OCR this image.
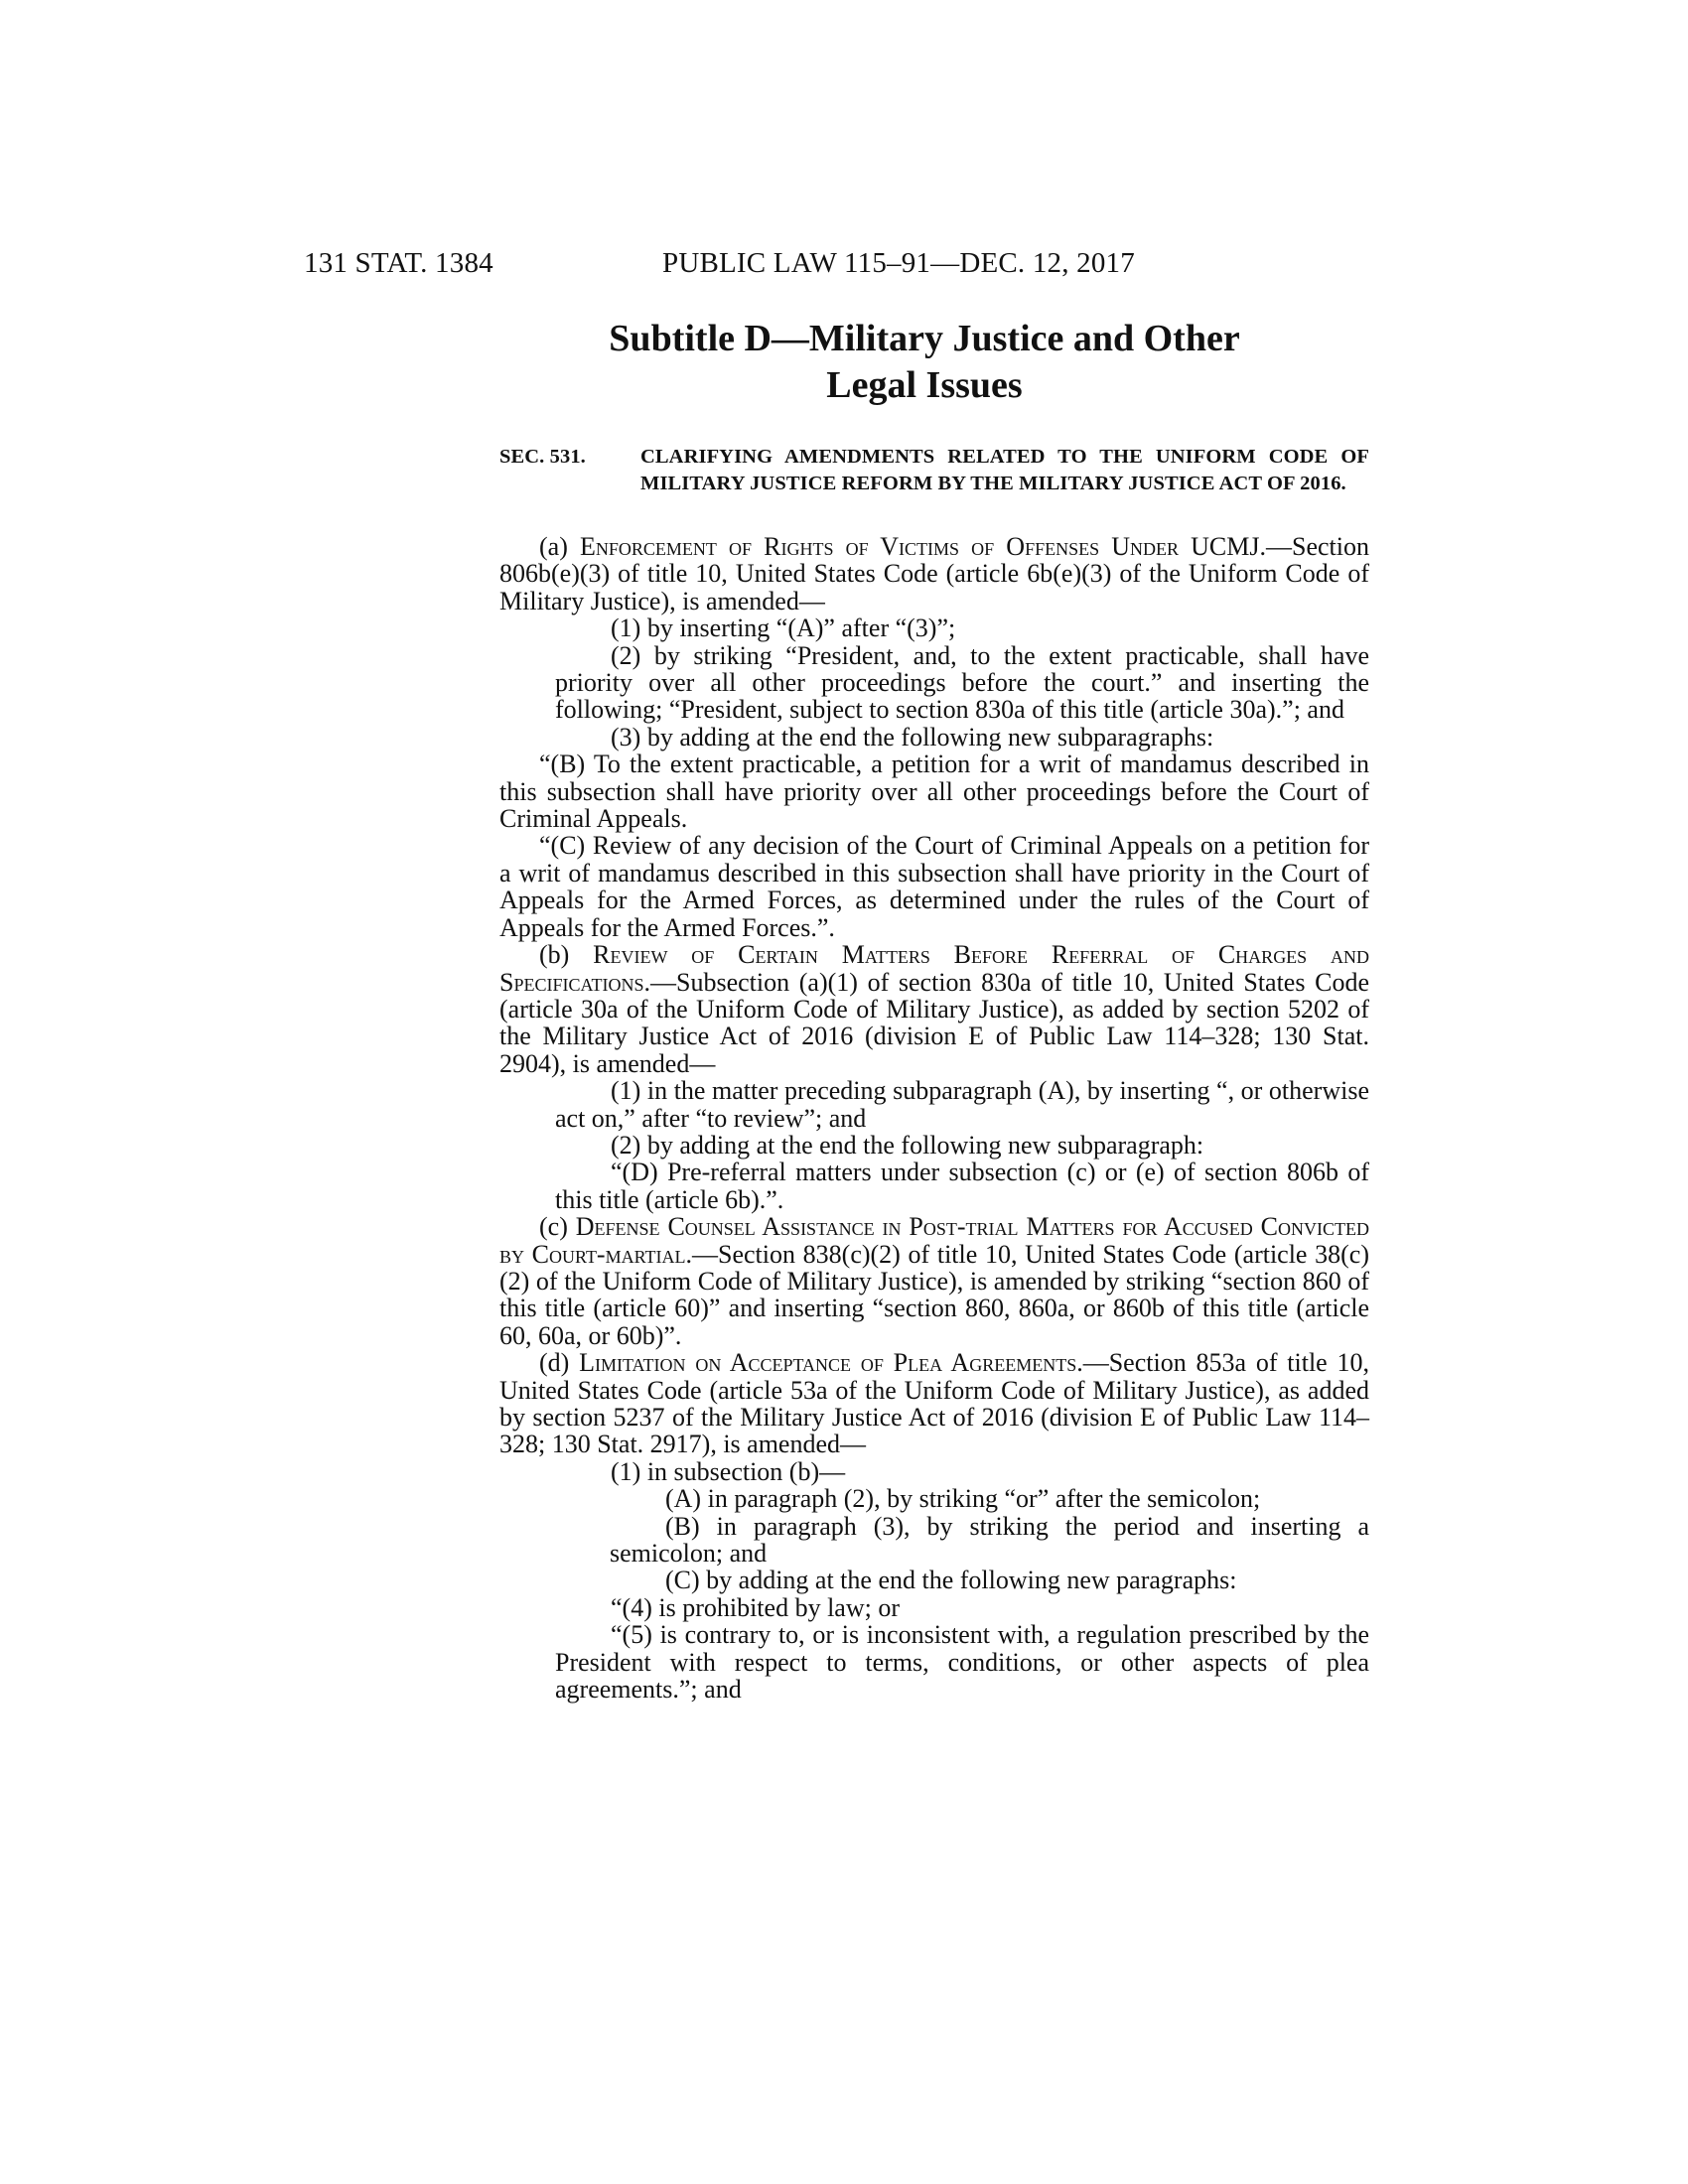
131 STAT. 1384	PUBLIC LAW 115–91—DEC. 12, 2017
Subtitle D—Military Justice and Other
Legal Issues
SEC. 531.	CLARIFYING AMENDMENTS RELATED TO THE UNIFORM CODE OF MILITARY JUSTICE REFORM BY THE MILITARY JUSTICE ACT OF 2016.

(a) Enforcement of Rights of Victims of Offenses Under UCMJ.—Section 806b(e)(3) of title 10, United States Code (article 6b(e)(3) of the Uniform Code of Military Justice), is amended—

(1) by inserting “(A)” after “(3)”;

(2) by striking “President, and, to the extent practicable, shall have priority over all other proceedings before the court.” and inserting the following; “President, subject to section 830a of this title (article 30a).”; and

(3) by adding at the end the following new subparagraphs:

“(B) To the extent practicable, a petition for a writ of mandamus described in this subsection shall have priority over all other proceedings before the Court of Criminal Appeals.

“(C) Review of any decision of the Court of Criminal Appeals on a petition for a writ of mandamus described in this subsection shall have priority in the Court of Appeals for the Armed Forces, as determined under the rules of the Court of Appeals for the Armed Forces.”.

(b) Review of Certain Matters Before Referral of Charges and Specifications.—Subsection (a)(1) of section 830a of title 10, United States Code (article 30a of the Uniform Code of Military Justice), as added by section 5202 of the Military Justice Act of 2016 (division E of Public Law 114–328; 130 Stat. 2904), is amended—

(1) in the matter preceding subparagraph (A), by inserting “, or otherwise act on,” after “to review”; and

(2) by adding at the end the following new subparagraph:

“(D) Pre-referral matters under subsection (c) or (e) of section 806b of this title (article 6b).”.

(c) Defense Counsel Assistance in Post-trial Matters for Accused Convicted by Court-martial.—Section 838(c)(2) of title 10, United States Code (article 38(c)(2) of the Uniform Code of Military Justice), is amended by striking “section 860 of this title (article 60)” and inserting “section 860, 860a, or 860b of this title (article 60, 60a, or 60b)”.

(d) Limitation on Acceptance of Plea Agreements.—Section 853a of title 10, United States Code (article 53a of the Uniform Code of Military Justice), as added by section 5237 of the Military Justice Act of 2016 (division E of Public Law 114–328; 130 Stat. 2917), is amended—

(1) in subsection (b)—

(A) in paragraph (2), by striking “or” after the semicolon;

(B) in paragraph (3), by striking the period and inserting a semicolon; and

(C) by adding at the end the following new paragraphs:

“(4) is prohibited by law; or

“(5) is contrary to, or is inconsistent with, a regulation prescribed by the President with respect to terms, conditions, or other aspects of plea agreements.”; and
